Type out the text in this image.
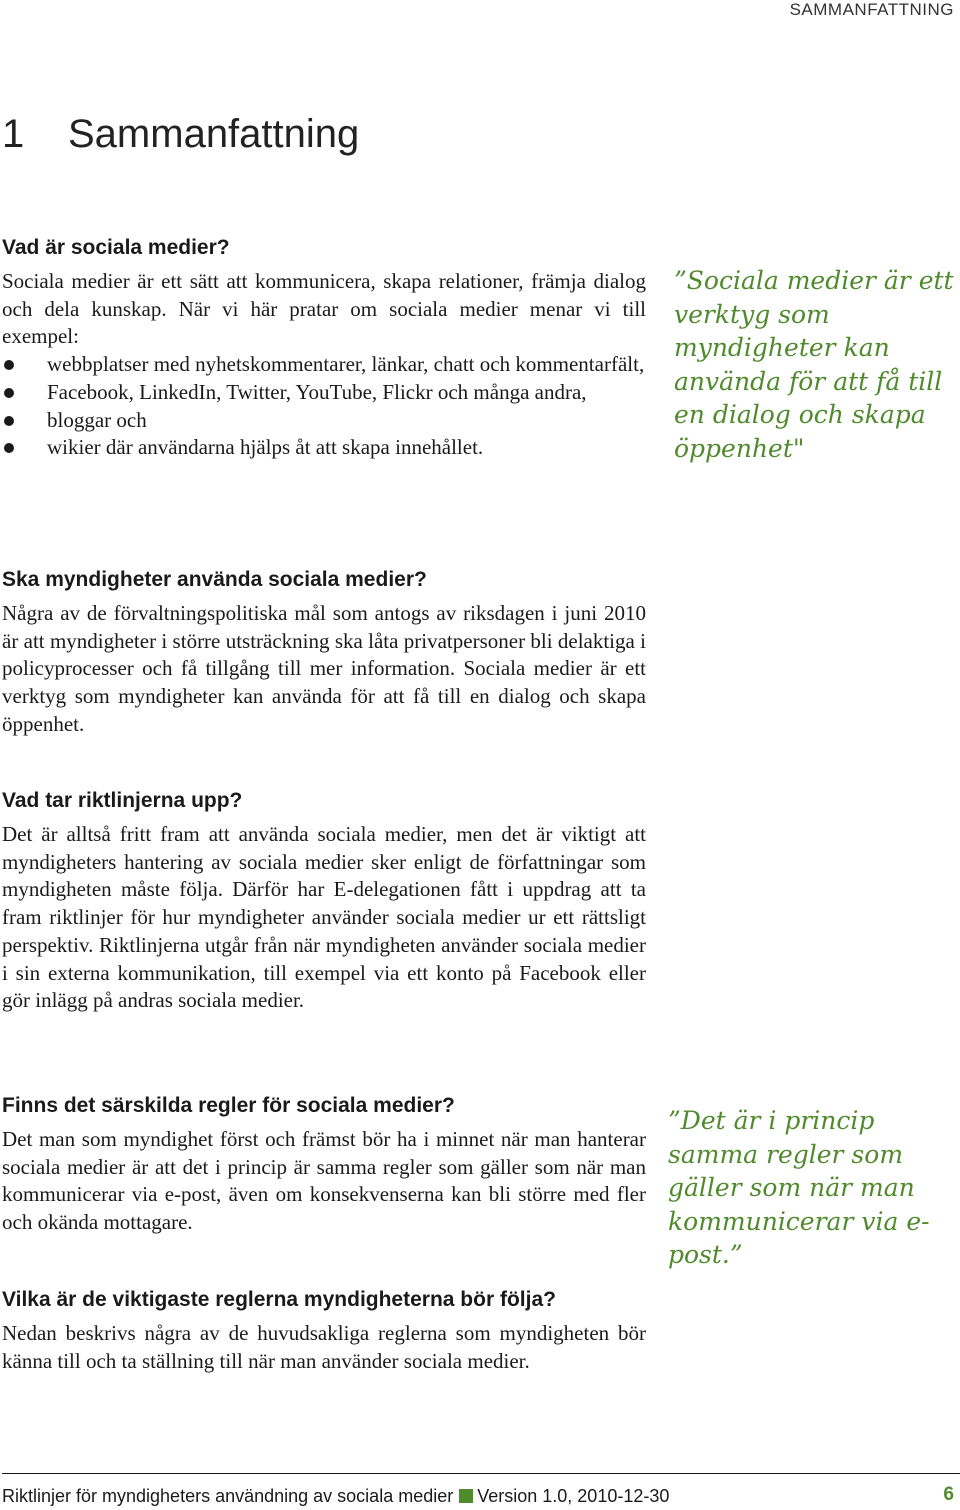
SAMMANFATTNING
1 Sammanfattning
Vad är sociala medier?

Sociala medier är ett sätt att kommunicera, skapa relationer, främja dialog och dela kunskap. När vi här pratar om sociala medier menar vi till exempel:

webbplatser med nyhetskommentarer, länkar, chatt och kommentarfält,
Facebook, LinkedIn, Twitter, YouTube, Flickr och många andra,
bloggar och
wikier där användarna hjälps åt att skapa innehållet.
Ska myndigheter använda sociala medier?

Några av de förvaltningspolitiska mål som antogs av riksdagen i juni 2010 är att myndigheter i större utsträckning ska låta privatpersoner bli delaktiga i policyprocesser och få tillgång till mer information. Sociala medier är ett verktyg som myndigheter kan använda för att få till en dialog och skapa öppenhet.

Vad tar riktlinjerna upp?

Det är alltså fritt fram att använda sociala medier, men det är viktigt att myndigheters hantering av sociala medier sker enligt de författningar som myndigheten måste följa. Därför har E-delegationen fått i uppdrag att ta fram riktlinjer för hur myndigheter använder sociala medier ur ett rättsligt perspektiv. Riktlinjerna utgår från när myndigheten använder sociala medier i sin externa kommunikation, till exempel via ett konto på Facebook eller gör inlägg på andras sociala medier.

Finns det särskilda regler för sociala medier?

Det man som myndighet först och främst bör ha i minnet när man hanterar sociala medier är att det i princip är samma regler som gäller som när man kommunicerar via e-post, även om konsekvenserna kan bli större med fler och okända mottagare.

Vilka är de viktigaste reglerna myndigheterna bör följa?

Nedan beskrivs några av de huvudsakliga reglerna som myndigheten bör känna till och ta ställning till när man använder sociala medier.

”Sociala medier är ett verktyg som myndigheter kan använda för att få till en dialog och skapa öppenhet"

”Det är i princip samma regler som gäller som när man kommunicerar via e-post.”

Riktlinjer för myndigheters användning av sociala medier Version 1.0, 2010-12-30	6
